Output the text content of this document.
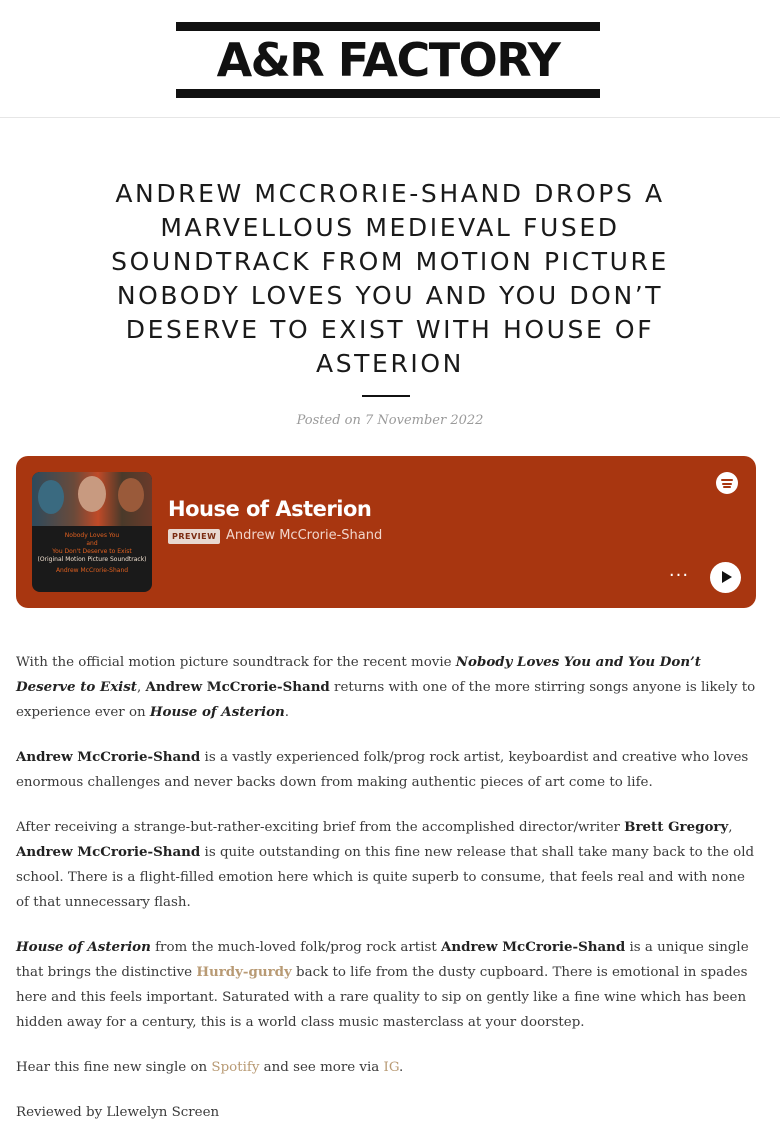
A&R FACTORY
ANDREW MCCRORIE-SHAND DROPS A MARVELLOUS MEDIEVAL FUSED SOUNDTRACK FROM MOTION PICTURE NOBODY LOVES YOU AND YOU DON’T DESERVE TO EXIST WITH HOUSE OF ASTERION
Posted on 7 November 2022
Nobody Loves You
and
You Don't Deserve to Exist
(Original Motion Picture Soundtrack)
Andrew McCrorie-Shand
House of Asterion
PREVIEW Andrew McCrorie-Shand
···

With the official motion picture soundtrack for the recent movie Nobody Loves You and You Don’t Deserve to Exist, Andrew McCrorie-Shand returns with one of the more stirring songs anyone is likely to experience ever on House of Asterion.

Andrew McCrorie-Shand is a vastly experienced folk/prog rock artist, keyboardist and creative who loves enormous challenges and never backs down from making authentic pieces of art come to life.

After receiving a strange-but-rather-exciting brief from the accomplished director/writer Brett Gregory, Andrew McCrorie-Shand is quite outstanding on this fine new release that shall take many back to the old school. There is a flight-filled emotion here which is quite superb to consume, that feels real and with none of that unnecessary flash.

House of Asterion from the much-loved folk/prog rock artist Andrew McCrorie-Shand is a unique single that brings the distinctive Hurdy-gurdy back to life from the dusty cupboard. There is emotional in spades here and this feels important. Saturated with a rare quality to sip on gently like a fine wine which has been hidden away for a century, this is a world class music masterclass at your doorstep.

Hear this fine new single on Spotify and see more via IG.

Reviewed by Llewelyn Screen
